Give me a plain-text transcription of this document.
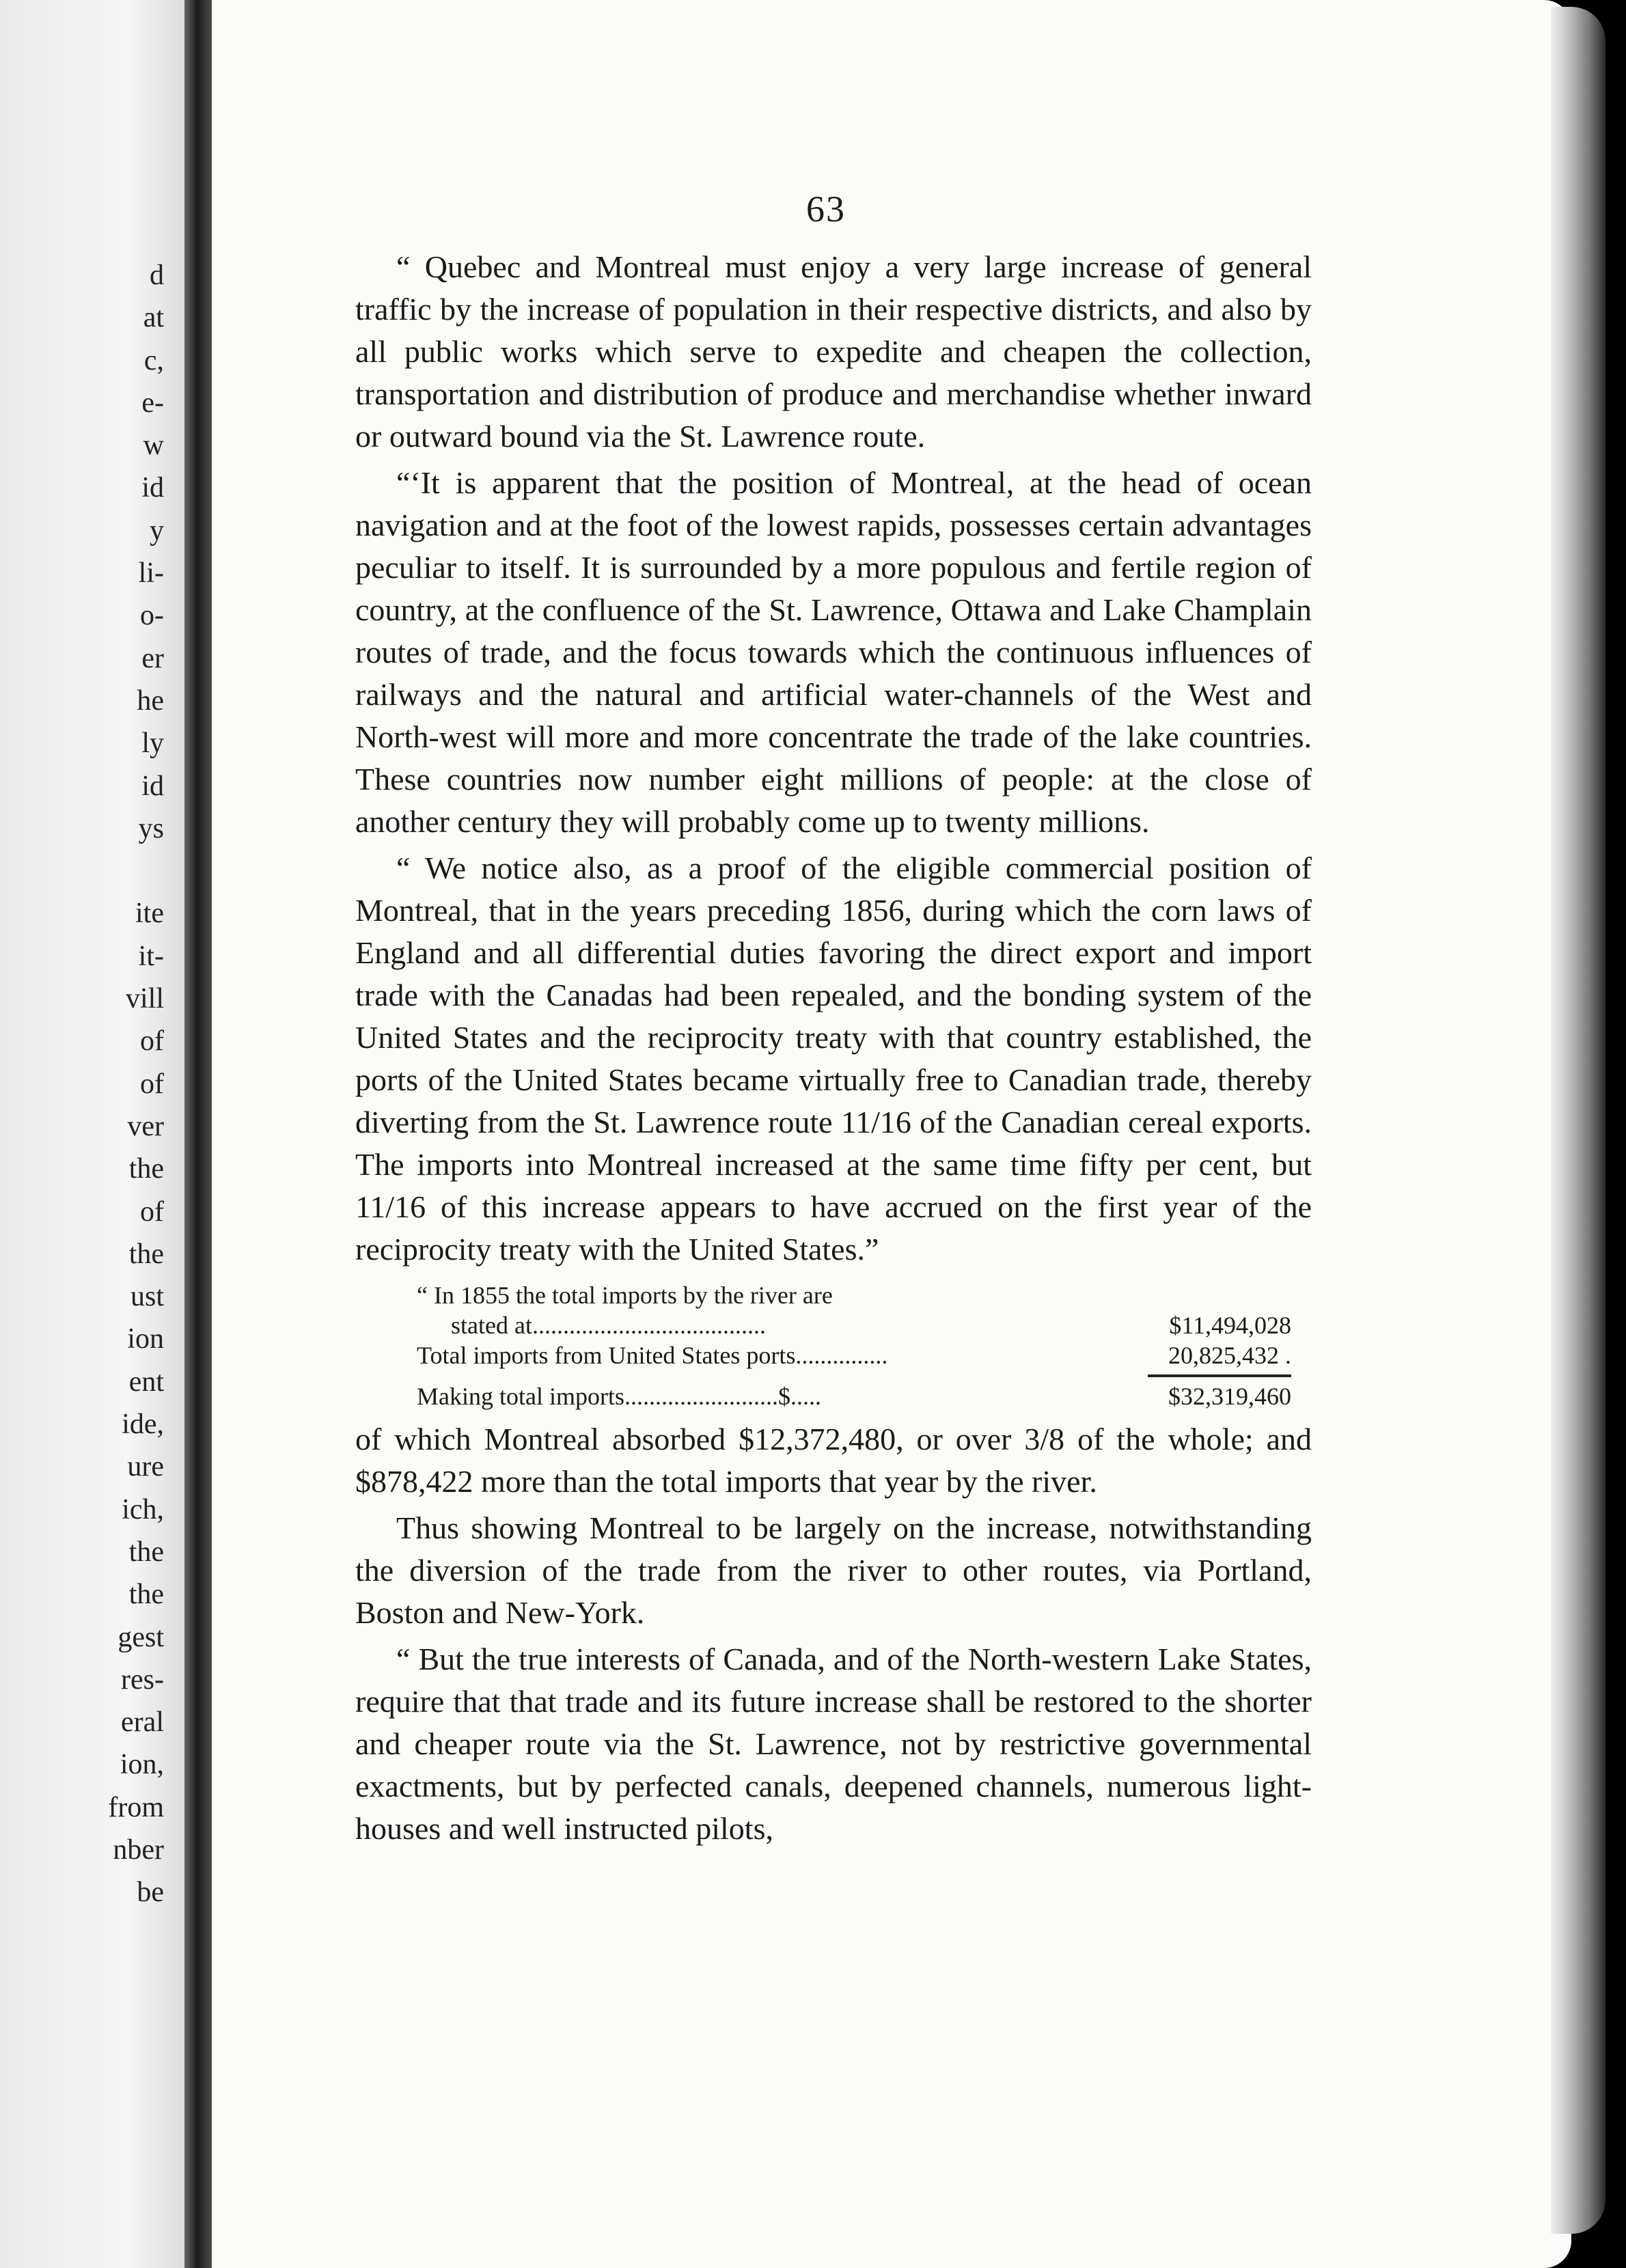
d
at
c,
e-
w
id
y
li-
o-
er
he
ly
id
ys
ite
it-
vill
of
of
ver
the
of
the
ust
ion
ent
ide,
ure
ich,
the
the
gest
res-
eral
ion,
from
nber
be
63

“ Quebec and Montreal must enjoy a very large increase of general traffic by the increase of population in their respective districts, and also by all public works which serve to expedite and cheapen the collection, transportation and distribution of produce and merchandise whether inward or outward bound via the St. Lawrence route.

“‘It is apparent that the position of Montreal, at the head of ocean navigation and at the foot of the lowest rapids, possesses certain advantages peculiar to itself. It is surrounded by a more populous and fertile region of country, at the confluence of the St. Lawrence, Ottawa and Lake Champlain routes of trade, and the focus towards which the continuous influences of railways and the natural and artificial water-channels of the West and North-west will more and more concentrate the trade of the lake countries. These countries now number eight millions of people: at the close of another century they will probably come up to twenty millions.

“ We notice also, as a proof of the eligible commercial position of Montreal, that in the years preceding 1856, during which the corn laws of England and all differential duties favoring the direct export and import trade with the Canadas had been repealed, and the bonding system of the United States and the reciprocity treaty with that country established, the ports of the United States became virtually free to Canadian trade, thereby diverting from the St. Lawrence route 11/16 of the Canadian cereal exports. The imports into Montreal increased at the same time fifty per cent, but 11/16 of this increase appears to have accrued on the first year of the reciprocity treaty with the United States.”

“ In 1855 the total imports by the river are
stated at......................................	$11,494,028
Total imports from United States ports...............	20,825,432 .
Making total imports.........................$.....	$32,319,460

of which Montreal absorbed $12,372,480, or over 3/8 of the whole; and $878,422 more than the total imports that year by the river.

Thus showing Montreal to be largely on the increase, notwithstanding the diversion of the trade from the river to other routes, via Portland, Boston and New-York.

“ But the true interests of Canada, and of the North-western Lake States, require that that trade and its future increase shall be restored to the shorter and cheaper route via the St. Lawrence, not by restrictive governmental exactments, but by perfected canals, deepened channels, numerous light-houses and well instructed pilots,
